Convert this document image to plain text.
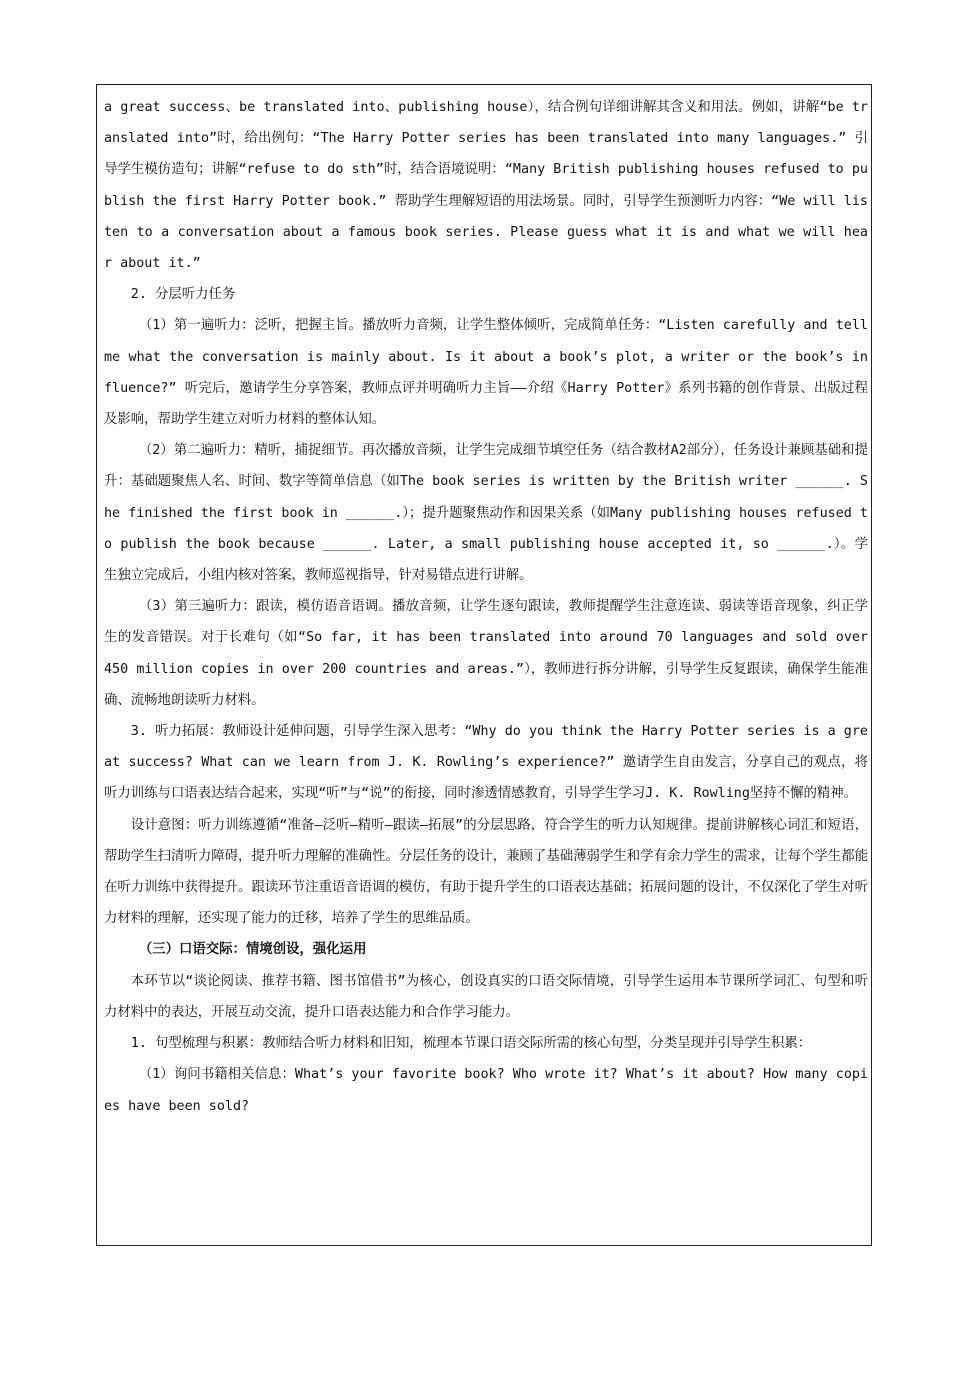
a great success、be translated into、publishing house），结合例句详细讲解其含义和用法。例如，讲解“be translated into”时，给出例句：“The Harry Potter series has been translated into many languages.” 引导学生模仿造句；讲解“refuse to do sth”时，结合语境说明：“Many British publishing houses refused to publish the first Harry Potter book.” 帮助学生理解短语的用法场景。同时，引导学生预测听力内容：“We will listen to a conversation about a famous book series. Please guess what it is and what we will hear about it.”

2. 分层听力任务

（1）第一遍听力：泛听，把握主旨。播放听力音频，让学生整体倾听，完成简单任务：“Listen carefully and tell me what the conversation is mainly about. Is it about a book’s plot, a writer or the book’s influence?” 听完后，邀请学生分享答案，教师点评并明确听力主旨——介绍《Harry Potter》系列书籍的创作背景、出版过程及影响，帮助学生建立对听力材料的整体认知。

（2）第二遍听力：精听，捕捉细节。再次播放音频，让学生完成细节填空任务（结合教材A2部分），任务设计兼顾基础和提升：基础题聚焦人名、时间、数字等简单信息（如The book series is written by the British writer ______. She finished the first book in ______.）；提升题聚焦动作和因果关系（如Many publishing houses refused to publish the book because ______. Later, a small publishing house accepted it, so ______.）。学生独立完成后，小组内核对答案，教师巡视指导，针对易错点进行讲解。

（3）第三遍听力：跟读，模仿语音语调。播放音频，让学生逐句跟读，教师提醒学生注意连读、弱读等语音现象，纠正学生的发音错误。对于长难句（如“So far, it has been translated into around 70 languages and sold over 450 million copies in over 200 countries and areas.”），教师进行拆分讲解，引导学生反复跟读，确保学生能准确、流畅地朗读听力材料。

3. 听力拓展：教师设计延伸问题，引导学生深入思考：“Why do you think the Harry Potter series is a great success? What can we learn from J. K. Rowling’s experience?” 邀请学生自由发言，分享自己的观点，将听力训练与口语表达结合起来，实现“听”与“说”的衔接，同时渗透情感教育，引导学生学习J. K. Rowling坚持不懈的精神。

设计意图：听力训练遵循“准备—泛听—精听—跟读—拓展”的分层思路，符合学生的听力认知规律。提前讲解核心词汇和短语，帮助学生扫清听力障碍，提升听力理解的准确性。分层任务的设计，兼顾了基础薄弱学生和学有余力学生的需求，让每个学生都能在听力训练中获得提升。跟读环节注重语音语调的模仿，有助于提升学生的口语表达基础；拓展问题的设计，不仅深化了学生对听力材料的理解，还实现了能力的迁移，培养了学生的思维品质。

（三）口语交际：情境创设，强化运用

本环节以“谈论阅读、推荐书籍、图书馆借书”为核心，创设真实的口语交际情境，引导学生运用本节课所学词汇、句型和听力材料中的表达，开展互动交流，提升口语表达能力和合作学习能力。

1. 句型梳理与积累：教师结合听力材料和旧知，梳理本节课口语交际所需的核心句型，分类呈现并引导学生积累：

（1）询问书籍相关信息：What’s your favorite book? Who wrote it? What’s it about? How many copies have been sold?
